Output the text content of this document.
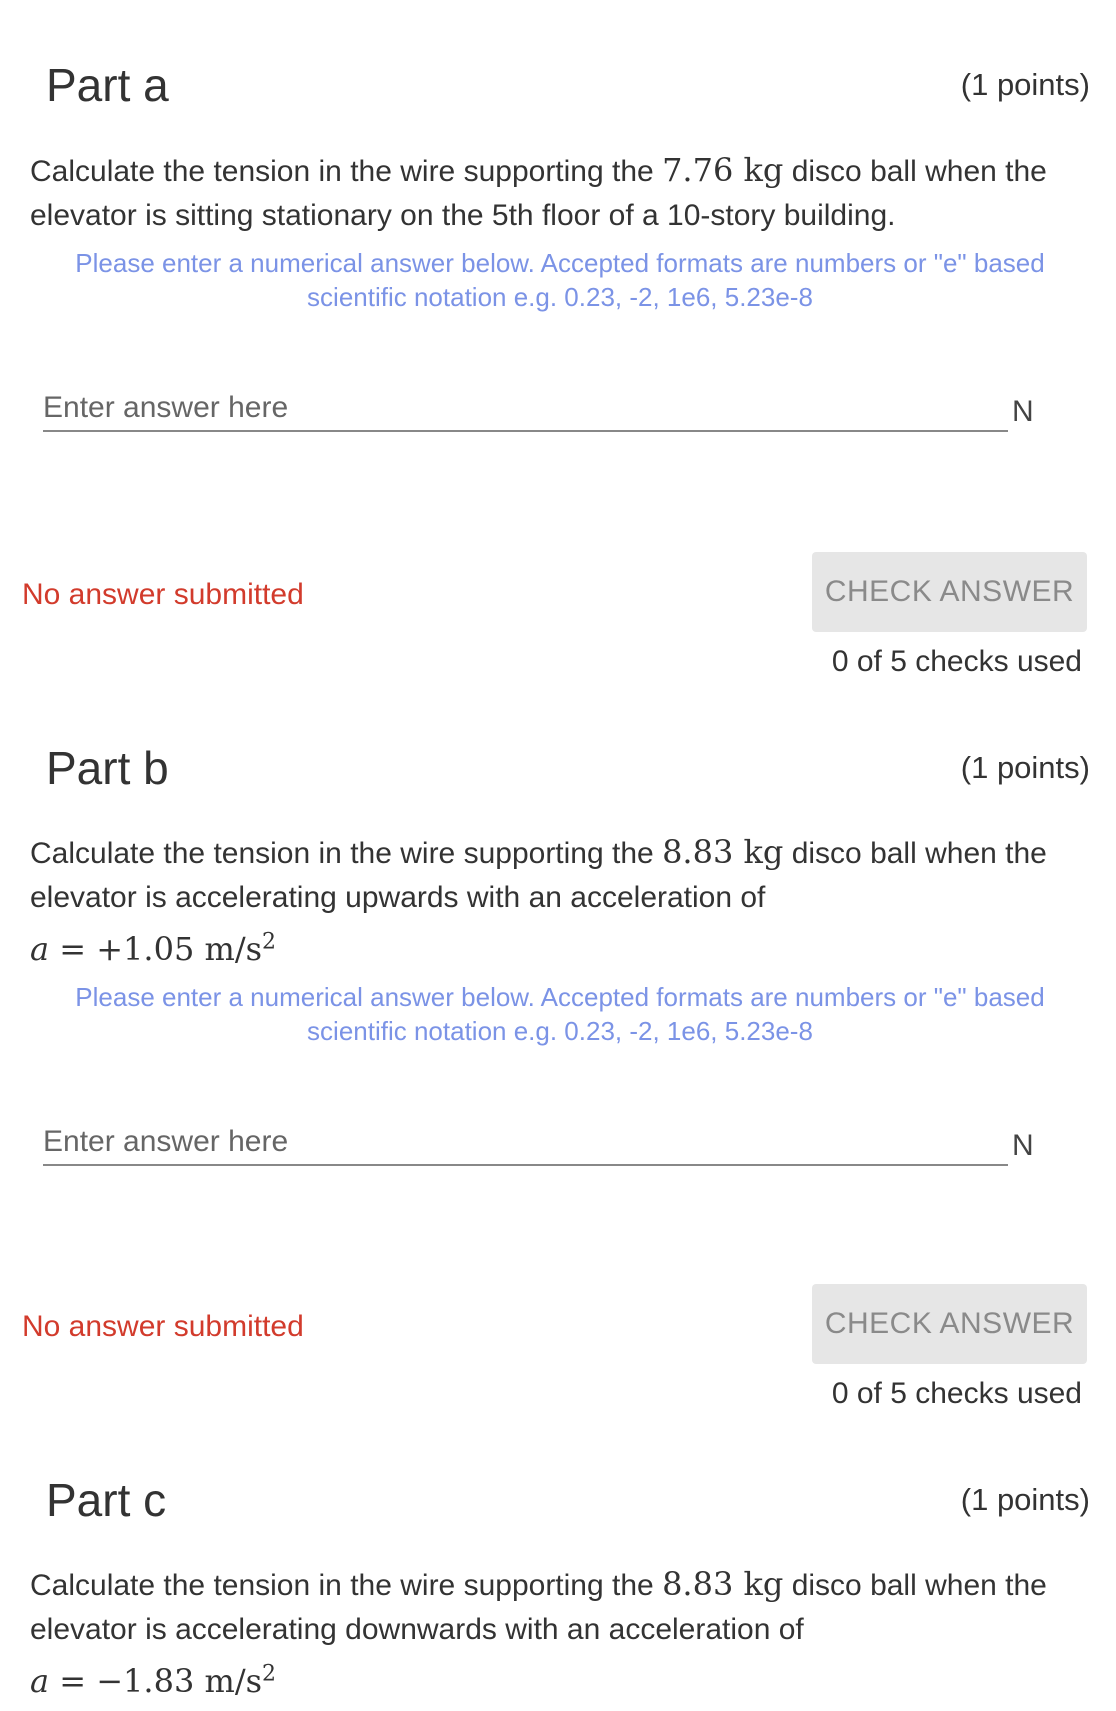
Part a	(1 points)
Calculate the tension in the wire supporting the 7.76 kg disco ball when the elevator is sitting stationary on the 5th floor of a 10-story building.
Please enter a numerical answer below. Accepted formats are numbers or "e" based scientific notation e.g. 0.23, -2, 1e6, 5.23e-8
Enter answer here
N
No answer submitted	CHECK ANSWER
0 of 5 checks used
Part b	(1 points)
Calculate the tension in the wire supporting the 8.83 kg disco ball when the elevator is accelerating upwards with an acceleration of
a = +1.05 $m/s^2$
Please enter a numerical answer below. Accepted formats are numbers or "e" based scientific notation e.g. 0.23, -2, 1e6, 5.23e-8
Enter answer here
N
No answer submitted	CHECK ANSWER
0 of 5 checks used
Part c	(1 points)
Calculate the tension in the wire supporting the 8.83 kg disco ball when the elevator is accelerating downwards with an acceleration of
a = −1.83 $m/s^2$
